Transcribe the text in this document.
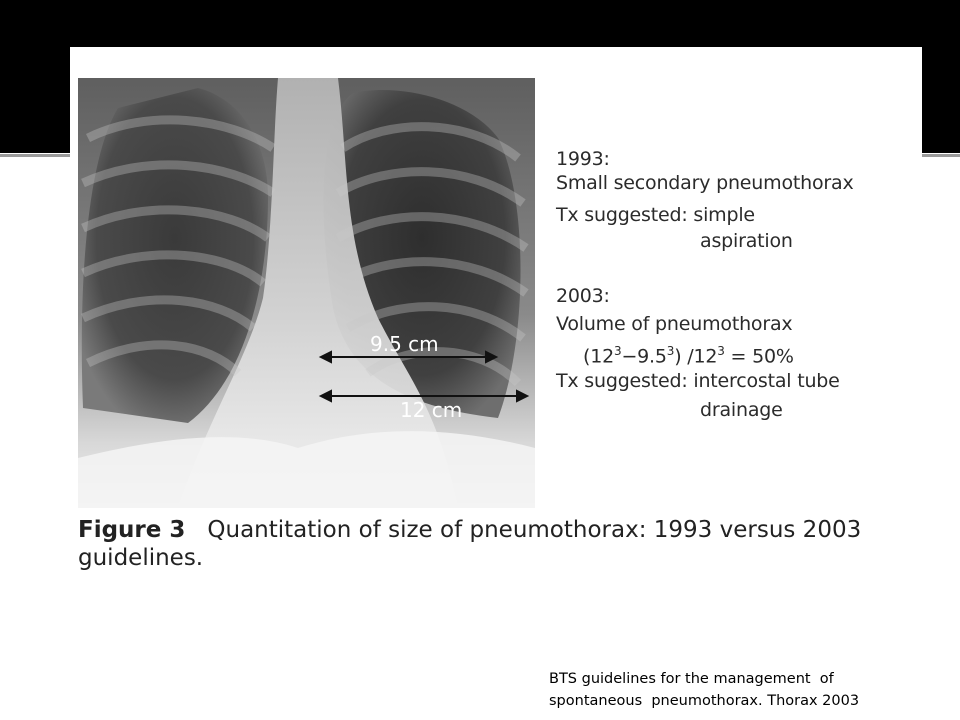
9.5 cm
12 cm
1993:
Small secondary pneumothorax
Tx suggested: simple
aspiration
2003:
Volume of pneumothorax
$(12^3-9.5^3) /12^3 = 50\%$
Tx suggested: intercostal tube
drainage
Figure 3 Quantitation of size of pneumothorax: 1993 versus 2003 guidelines.
BTS guidelines for the management  of
spontaneous  pneumothorax. Thorax 2003
